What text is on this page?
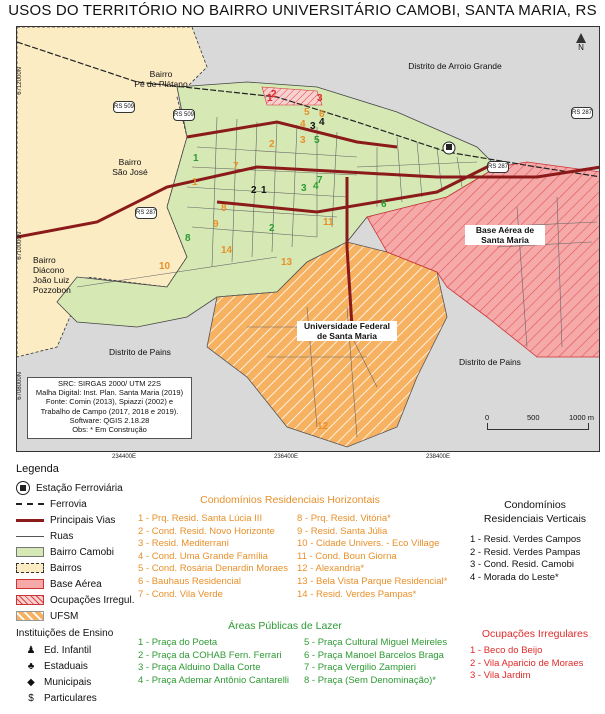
USOS DO TERRITÓRIO NO BAIRRO UNIVERSITÁRIO CAMOBI, SANTA MARIA, RS
6712000N
6710000N
6708000N
N
Distrito de Arroio Grande
Distrito de Pains
Distrito de Pains
Bairro
Pé de Plátano
Bairro
São José
Bairro
Diácono
João Luiz
Pozzobon
Base Aérea de
Santa Maria
Universidade Federal
de Santa Maria
RS 509
RS 509
RS 287
RS 287
RS 287
1
2	3
4
5 6
7
8
9
10
11
12
13
14
1
2
3 4
5
6
7
8
1
2
3 4
1
2	3
SRC: SIRGAS 2000/ UTM 22S
Malha Digital: Inst. Plan. Santa Maria (2019)
Fonte: Comin (2013), Spiazzi (2002) e
Trabalho de Campo (2017, 2018 e 2019).
Software: QGIS 2.18.28
Obs: * Em Construção
0	500	1000 m
234400E	236400E	238400E
Legenda
Estação Ferroviária
Ferrovia
Principais Vias
Ruas
Bairro Camobi
Bairros
Base Aérea
Ocupações Irregul.
UFSM
Instituições de Ensino
♟ Ed. Infantil
♣ Estaduais
◆ Municipais
$	Particulares
Condomínios Residenciais Horizontais
1 - Prq. Resid. Santa Lúcia III
2 - Cond. Resid. Novo Horizonte
3 - Resid. Mediterrani
4 - Cond. Uma Grande Família
5 - Cond. Rosária Denardin Moraes
6 - Bauhaus Residencial
7 - Cond. Vila Verde
8 - Prq. Resid. Vitória*
9 - Resid. Santa Júlia
10 - Cidade Univers. - Eco Village
11 - Cond. Boun Giorna
12 - Alexandria*
13 - Bela Vista Parque Residencial*
14 - Resid. Verdes Pampas*
Condomínios
Residenciais Verticais
1 - Resid. Verdes Campos
2 - Resid. Verdes Pampas
3 - Cond. Resid. Camobi
4 - Morada do Leste*
Áreas Públicas de Lazer
1 - Praça do Poeta
2 - Praça da COHAB Fern. Ferrari
3 - Praça Alduino Dalla Corte
4 - Praça Ademar Antônio Cantarelli
5 - Praça Cultural Miguel Meireles
6 - Praça Manoel Barcelos Braga
7 - Praça Vergilio Zampieri
8 - Praça (Sem Denominação)*
Ocupações Irregulares
1 - Beco do Beijo
2 - Vila Aparicio de Moraes
3 - Vila Jardim
